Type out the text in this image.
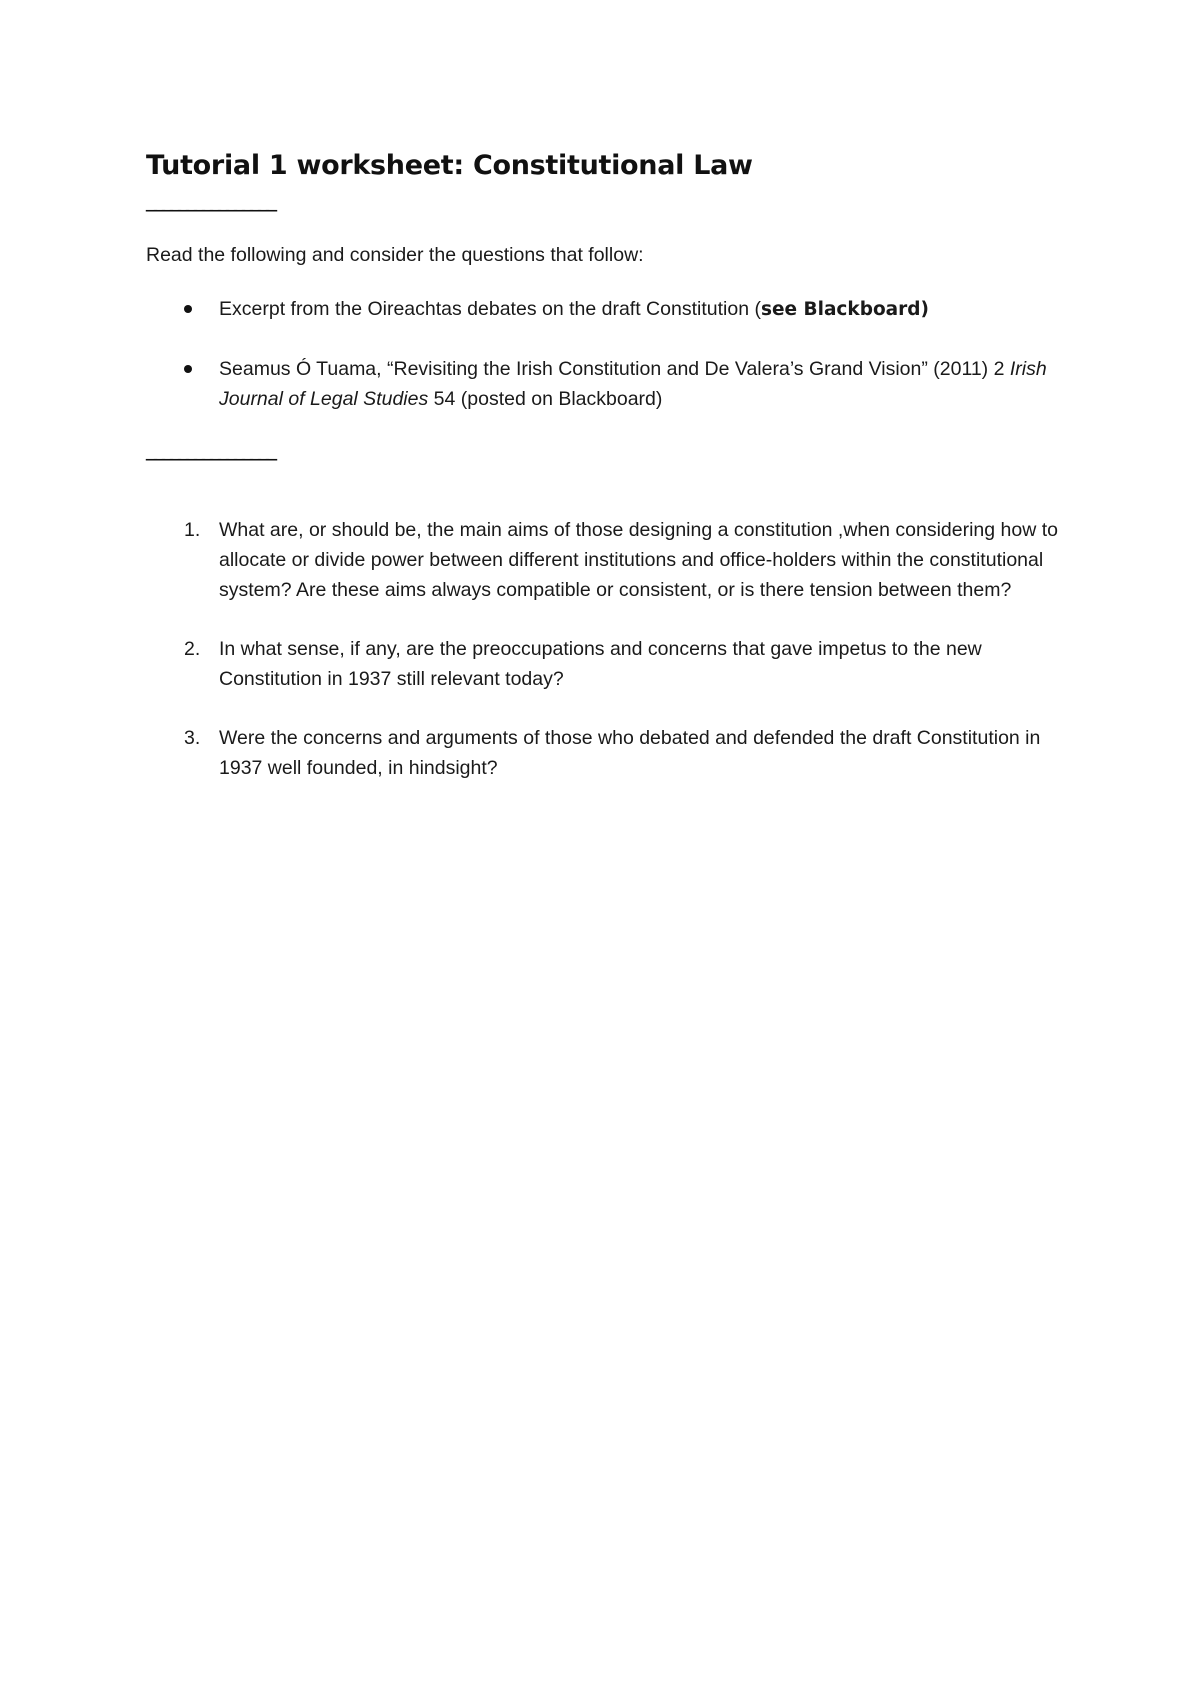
Tutorial 1 worksheet: Constitutional Law
________________

Read the following and consider the questions that follow:

Excerpt from the Oireachtas debates on the draft Constitution (see Blackboard)
Seamus Ó Tuama, “Revisiting the Irish Constitution and De Valera’s Grand Vision” (2011) 2 Irish Journal of Legal Studies 54 (posted on Blackboard)
________________
1. What are, or should be, the main aims of those designing a constitution ,when considering how to allocate or divide power between different institutions and office-holders within the constitutional system? Are these aims always compatible or consistent, or is there tension between them?
2. In what sense, if any, are the preoccupations and concerns that gave impetus to the new Constitution in 1937 still relevant today?
3. Were the concerns and arguments of those who debated and defended the draft Constitution in 1937 well founded, in hindsight?
